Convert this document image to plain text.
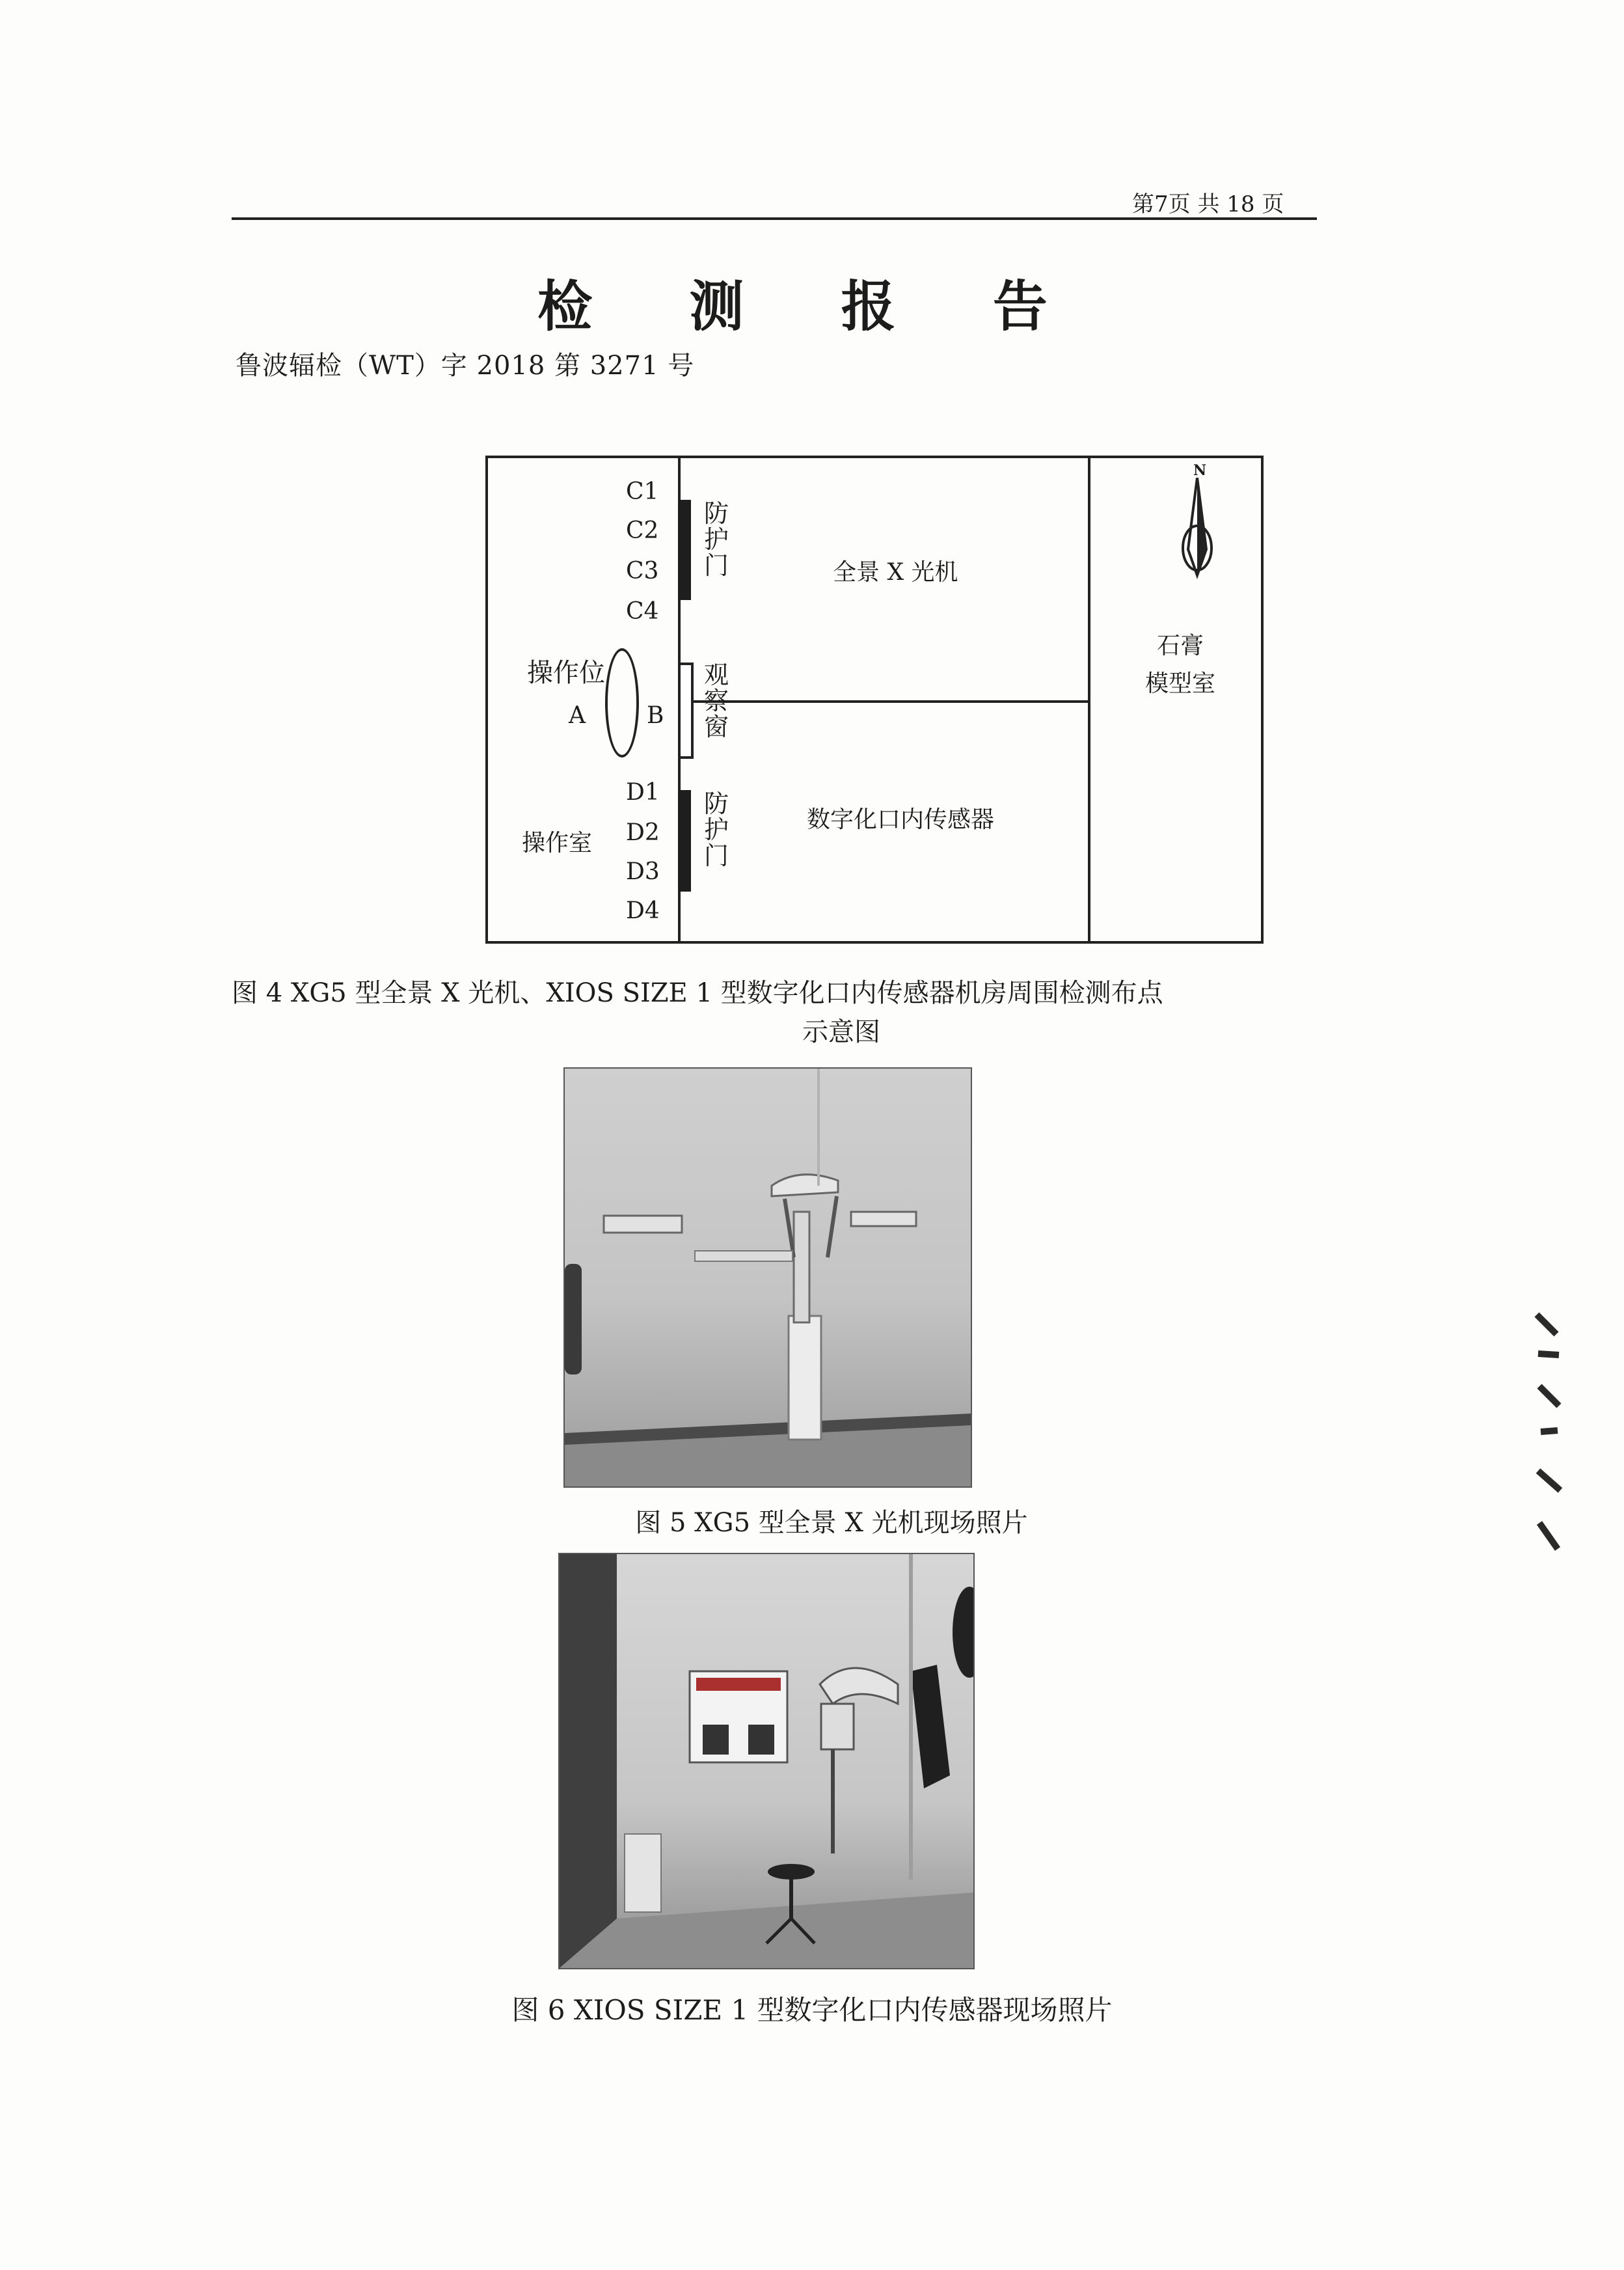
第7页 共 18 页
检 测 报 告
鲁波辐检（WT）字 2018 第 3271 号
C1
C2
C3
C4
防
护
门
操作位
A	B
观
察
窗
D1
D2
D3
D4
防
护
门
操作室
全景 X 光机
数字化口内传感器
石膏
模型室
N
图 4 XG5 型全景 X 光机、XIOS SIZE 1 型数字化口内传感器机房周围检测布点
示意图
图 5 XG5 型全景 X 光机现场照片
图 6 XIOS SIZE 1 型数字化口内传感器现场照片
